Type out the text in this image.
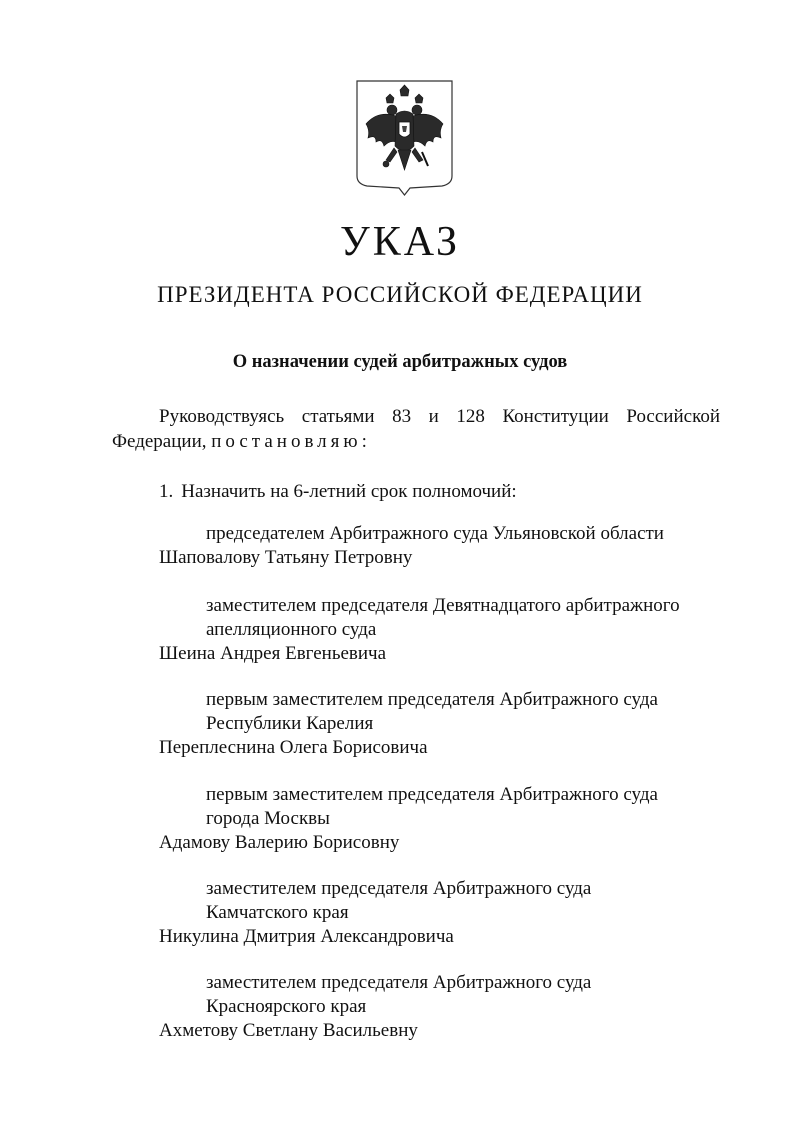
УКАЗ
ПРЕЗИДЕНТА РОССИЙСКОЙ ФЕДЕРАЦИИ
О назначении судей арбитражных судов
Руководствуясь статьями 83 и 128 Конституции Российской
Федерации, постановляю:
1. Назначить на 6-летний срок полномочий:
председателем Арбитражного суда Ульяновской области
Шаповалову Татьяну Петровну
заместителем председателя Девятнадцатого арбитражного
апелляционного суда
Шеина Андрея Евгеньевича
первым заместителем председателя Арбитражного суда
Республики Карелия
Переплеснина Олега Борисовича
первым заместителем председателя Арбитражного суда
города Москвы
Адамову Валерию Борисовну
заместителем председателя Арбитражного суда
Камчатского края
Никулина Дмитрия Александровича
заместителем председателя Арбитражного суда
Красноярского края
Ахметову Светлану Васильевну
